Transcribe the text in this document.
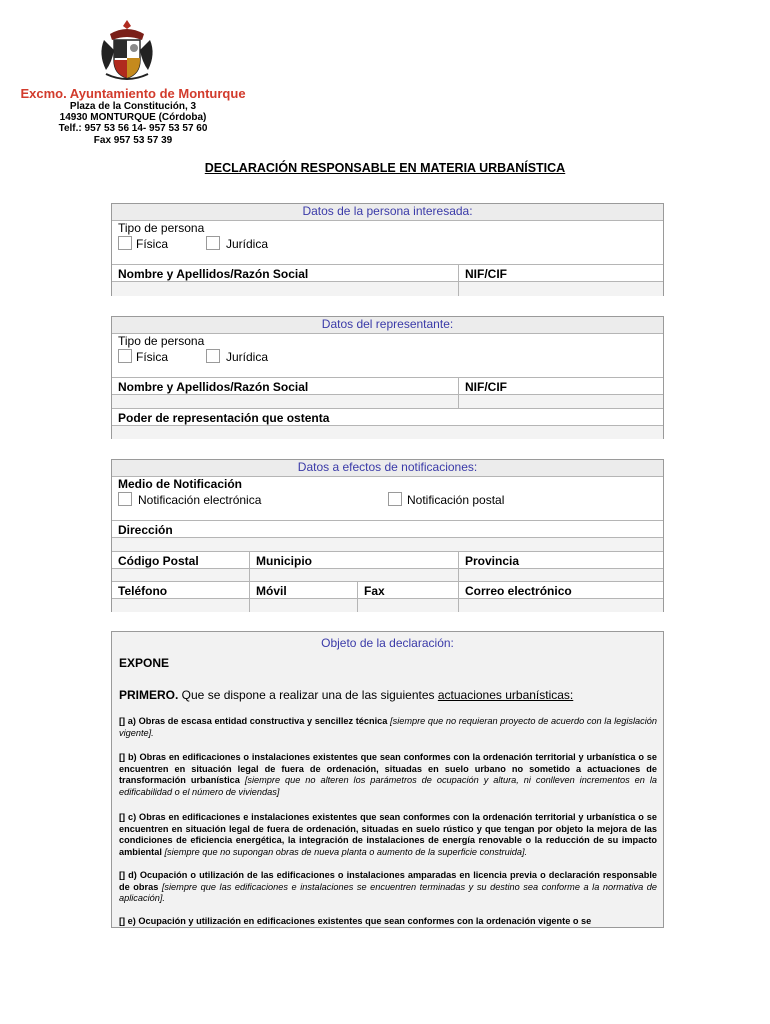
Excmo. Ayuntamiento de Monturque
Plaza de la Constitución, 3
14930 MONTURQUE (Córdoba)
Telf.: 957 53 56 14- 957 53 57 60
Fax 957 53 57 39
DECLARACIÓN RESPONSABLE EN MATERIA URBANÍSTICA
Datos de la persona interesada:
Tipo de persona
Física	Jurídica
Nombre y Apellidos/Razón Social	NIF/CIF
Datos del representante:
Tipo de persona
Física	Jurídica
Nombre y Apellidos/Razón Social	NIF/CIF
Poder de representación que ostenta
Datos a efectos de notificaciones:
Medio de Notificación
Notificación electrónica	Notificación postal
Dirección
Código Postal	Municipio	Provincia
Teléfono	Móvil	Fax	Correo electrónico
Objeto de la declaración:
EXPONE
PRIMERO. Que se dispone a realizar una de las siguientes actuaciones urbanísticas:
[] a) Obras de escasa entidad constructiva y sencillez técnica [siempre que no requieran proyecto de acuerdo con la legislación vigente].
[] b) Obras en edificaciones o instalaciones existentes que sean conformes con la ordenación territorial y urbanística o se encuentren en situación legal de fuera de ordenación, situadas en suelo urbano no sometido a actuaciones de transformación urbanística [siempre que no alteren los parámetros de ocupación y altura, ni conlleven incrementos en la edificabilidad o el número de viviendas]
[] c) Obras en edificaciones e instalaciones existentes que sean conformes con la ordenación territorial y urbanística o se encuentren en situación legal de fuera de ordenación, situadas en suelo rústico y que tengan por objeto la mejora de las condiciones de eficiencia energética, la integración de instalaciones de energía renovable o la reducción de su impacto ambiental [siempre que no supongan obras de nueva planta o aumento de la superficie construida].
[] d) Ocupación o utilización de las edificaciones o instalaciones amparadas en licencia previa o declaración responsable de obras [siempre que las edificaciones e instalaciones se encuentren terminadas y su destino sea conforme a la normativa de aplicación].
[] e) Ocupación y utilización en edificaciones existentes que sean conformes con la ordenación vigente o se
